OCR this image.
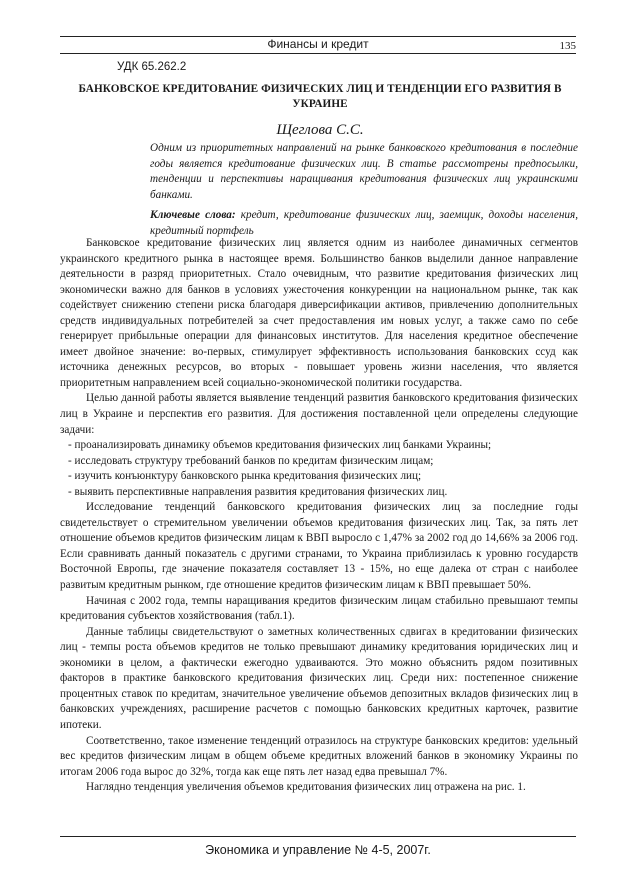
Финансы и кредит	135
УДК 65.262.2
БАНКОВСКОЕ КРЕДИТОВАНИЕ ФИЗИЧЕСКИХ ЛИЦ И ТЕНДЕНЦИИ ЕГО РАЗВИТИЯ В УКРАИНЕ
Щеглова С.С.

Одним из приоритетных направлений на рынке банковского кредитования в последние годы является кредитование физических лиц. В статье рассмотрены предпосылки, тенденции и перспективы наращивания кредитования физических лиц украинскими банками.

Ключевые слова: кредит, кредитование физических лиц, заемщик, доходы населения, кредитный портфель

Банковское кредитование физических лиц является одним из наиболее динамичных сегментов украинского кредитного рынка в настоящее время. Большинство банков выделили данное направление деятельности в разряд приоритетных. Стало очевидным, что развитие кредитования физических лиц экономически важно для банков в условиях ужесточения конкуренции на национальном рынке, так как содействует снижению степени риска благодаря диверсификации активов, привлечению дополнительных средств индивидуальных потребителей за счет предоставления им новых услуг, а также само по себе генерирует прибыльные операции для финансовых институтов. Для населения кредитное обеспечение имеет двойное значение: во-первых, стимулирует эффективность использования банковских ссуд как источника денежных ресурсов, во вторых - повышает уровень жизни населения, что является приоритетным направлением всей социально-экономической политики государства.

Целью данной работы является выявление тенденций развития банковского кредитования физических лиц в Украине и перспектив его развития. Для достижения поставленной цели определены следующие задачи:

- проанализировать динамику объемов кредитования физических лиц банками Украины;
- исследовать структуру требований банков по кредитам физическим лицам;
- изучить конъюнктуру банковского рынка кредитования физических лиц;
- выявить перспективные направления развития кредитования физических лиц.

Исследование тенденций банковского кредитования физических лиц за последние годы свидетельствует о стремительном увеличении объемов кредитования физических лиц. Так, за пять лет отношение объемов кредитов физическим лицам к ВВП выросло с 1,47% за 2002 год до 14,66% за 2006 год. Если сравнивать данный показатель с другими странами, то Украина приблизилась к уровню государств Восточной Европы, где значение показателя составляет 13 - 15%, но еще далека от стран с наиболее развитым кредитным рынком, где отношение кредитов физическим лицам к ВВП превышает 50%.

Начиная с 2002 года, темпы наращивания кредитов физическим лицам стабильно превышают темпы кредитования субъектов хозяйствования (табл.1).

Данные таблицы свидетельствуют о заметных количественных сдвигах в кредитовании физических лиц - темпы роста объемов кредитов не только превышают динамику кредитования юридических лиц и экономики в целом, а фактически ежегодно удваиваются. Это можно объяснить рядом позитивных факторов в практике банковского кредитования физических лиц. Среди них: постепенное снижение процентных ставок по кредитам, значительное увеличение объемов депозитных вкладов физических лиц в банковских учреждениях, расширение расчетов с помощью банковских кредитных карточек, развитие ипотеки.

Соответственно, такое изменение тенденций отразилось на структуре банковских кредитов: удельный вес кредитов физическим лицам в общем объеме кредитных вложений банков в экономику Украины по итогам 2006 года вырос до 32%, тогда как еще пять лет назад едва превышал 7%.

Наглядно тенденция увеличения объемов кредитования физических лиц отражена на рис. 1.

Экономика и управление № 4-5, 2007г.
